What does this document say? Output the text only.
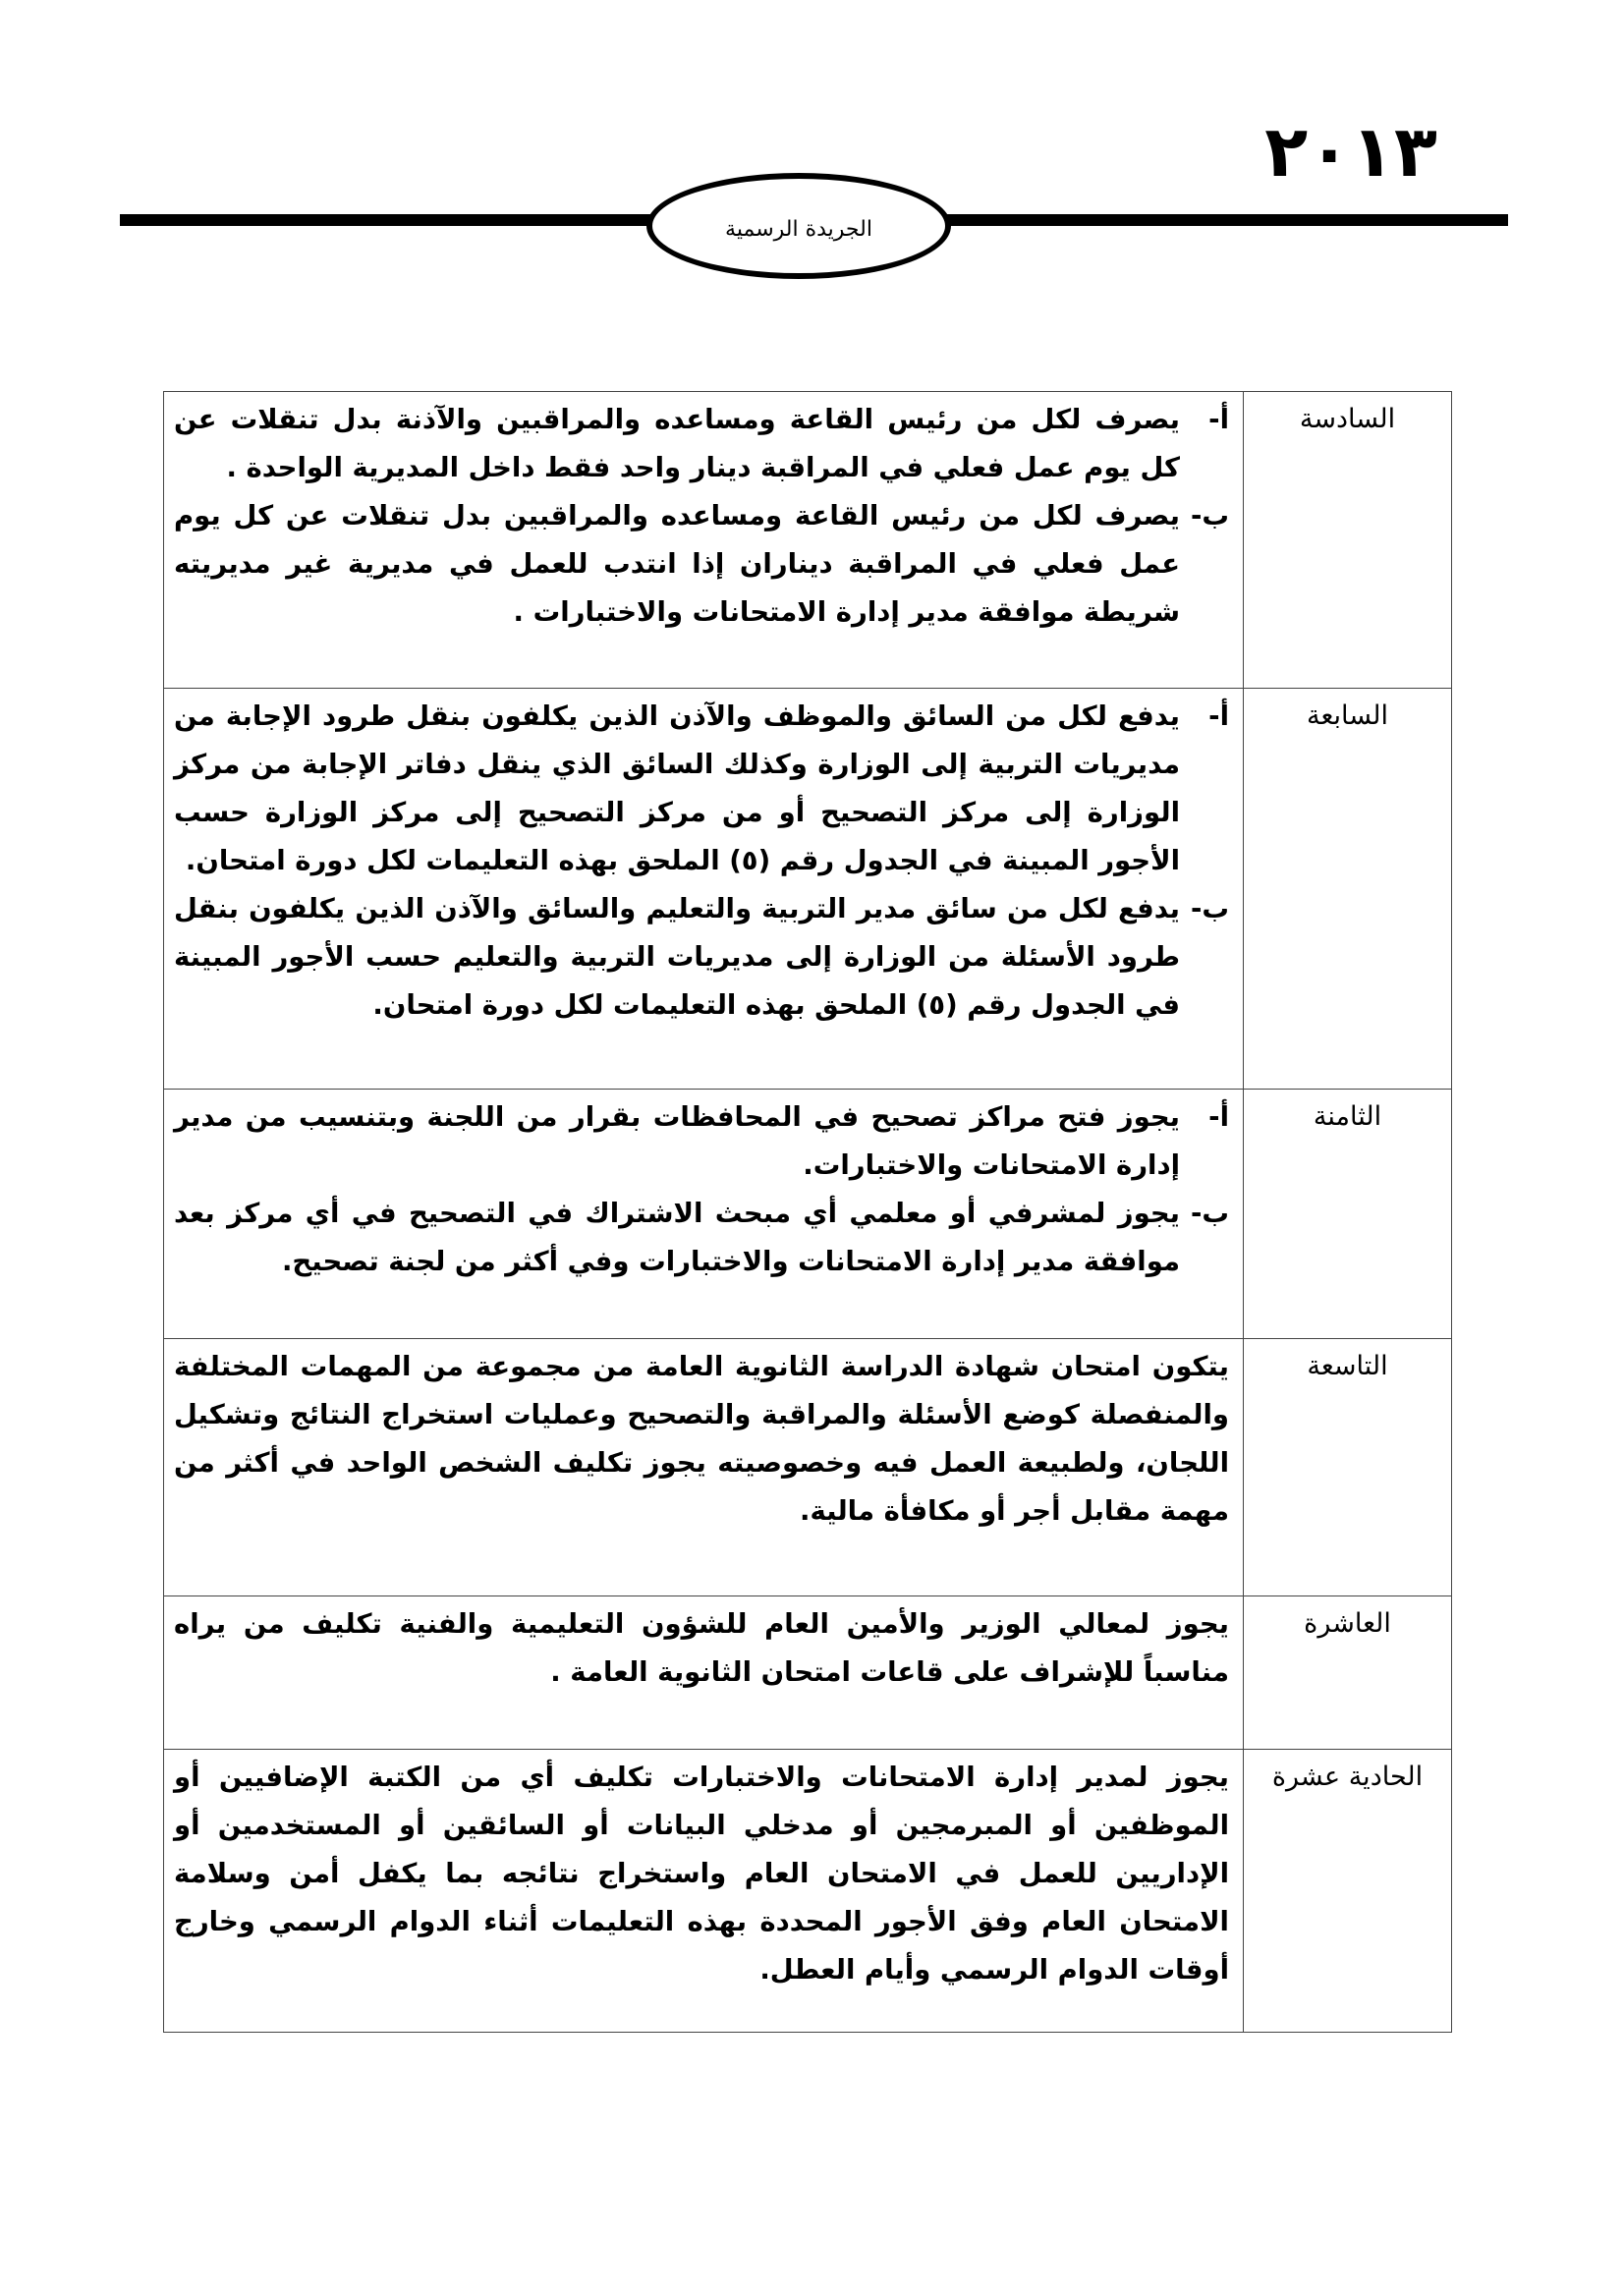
٢٠١٣
الجريدة الرسمية
السادسة	أ-
يصرف لكل من رئيس القاعة ومساعده والمراقبين والآذنة بدل تنقلات عن كل يوم عمل فعلي في المراقبة دينار واحد فقط داخل المديرية الواحدة .
ب-
يصرف لكل من رئيس القاعة ومساعده والمراقبين بدل تنقلات عن كل يوم عمل فعلي في المراقبة ديناران إذا انتدب للعمل في مديرية غير مديريته شريطة موافقة مدير إدارة الامتحانات والاختبارات .

السابعة	أ-
يدفع لكل من السائق والموظف والآذن الذين يكلفون بنقل طرود الإجابة من مديريات التربية إلى الوزارة وكذلك السائق الذي ينقل دفاتر الإجابة من مركز الوزارة إلى مركز التصحيح أو من مركز التصحيح إلى مركز الوزارة حسب الأجور المبينة في الجدول رقم (٥) الملحق بهذه التعليمات لكل دورة امتحان.
ب-
يدفع لكل من سائق مدير التربية والتعليم والسائق والآذن الذين يكلفون بنقل طرود الأسئلة من الوزارة إلى مديريات التربية والتعليم حسب الأجور المبينة في الجدول رقم (٥) الملحق بهذه التعليمات لكل دورة امتحان.

الثامنة	أ-
يجوز فتح مراكز تصحيح في المحافظات بقرار من اللجنة وبتنسيب من مدير إدارة الامتحانات والاختبارات.
ب-
يجوز لمشرفي أو معلمي أي مبحث الاشتراك في التصحيح في أي مركز بعد موافقة مدير إدارة الامتحانات والاختبارات وفي أكثر من لجنة تصحيح.

التاسعة	يتكون امتحان شهادة الدراسة الثانوية العامة من مجموعة من المهمات المختلفة والمنفصلة كوضع الأسئلة والمراقبة والتصحيح وعمليات استخراج النتائج وتشكيل اللجان، ولطبيعة العمل فيه وخصوصيته يجوز تكليف الشخص الواحد في أكثر من مهمة مقابل أجر أو مكافأة مالية.

العاشرة	يجوز لمعالي الوزير والأمين العام للشؤون التعليمية والفنية تكليف من يراه مناسباً للإشراف على قاعات امتحان الثانوية العامة .

الحادية عشرة	يجوز لمدير إدارة الامتحانات والاختبارات تكليف أي من الكتبة الإضافيين أو الموظفين أو المبرمجين أو مدخلي البيانات أو السائقين أو المستخدمين أو الإداريين للعمل في الامتحان العام واستخراج نتائجه بما يكفل أمن وسلامة الامتحان العام وفق الأجور المحددة بهذه التعليمات أثناء الدوام الرسمي وخارج أوقات الدوام الرسمي وأيام العطل.
